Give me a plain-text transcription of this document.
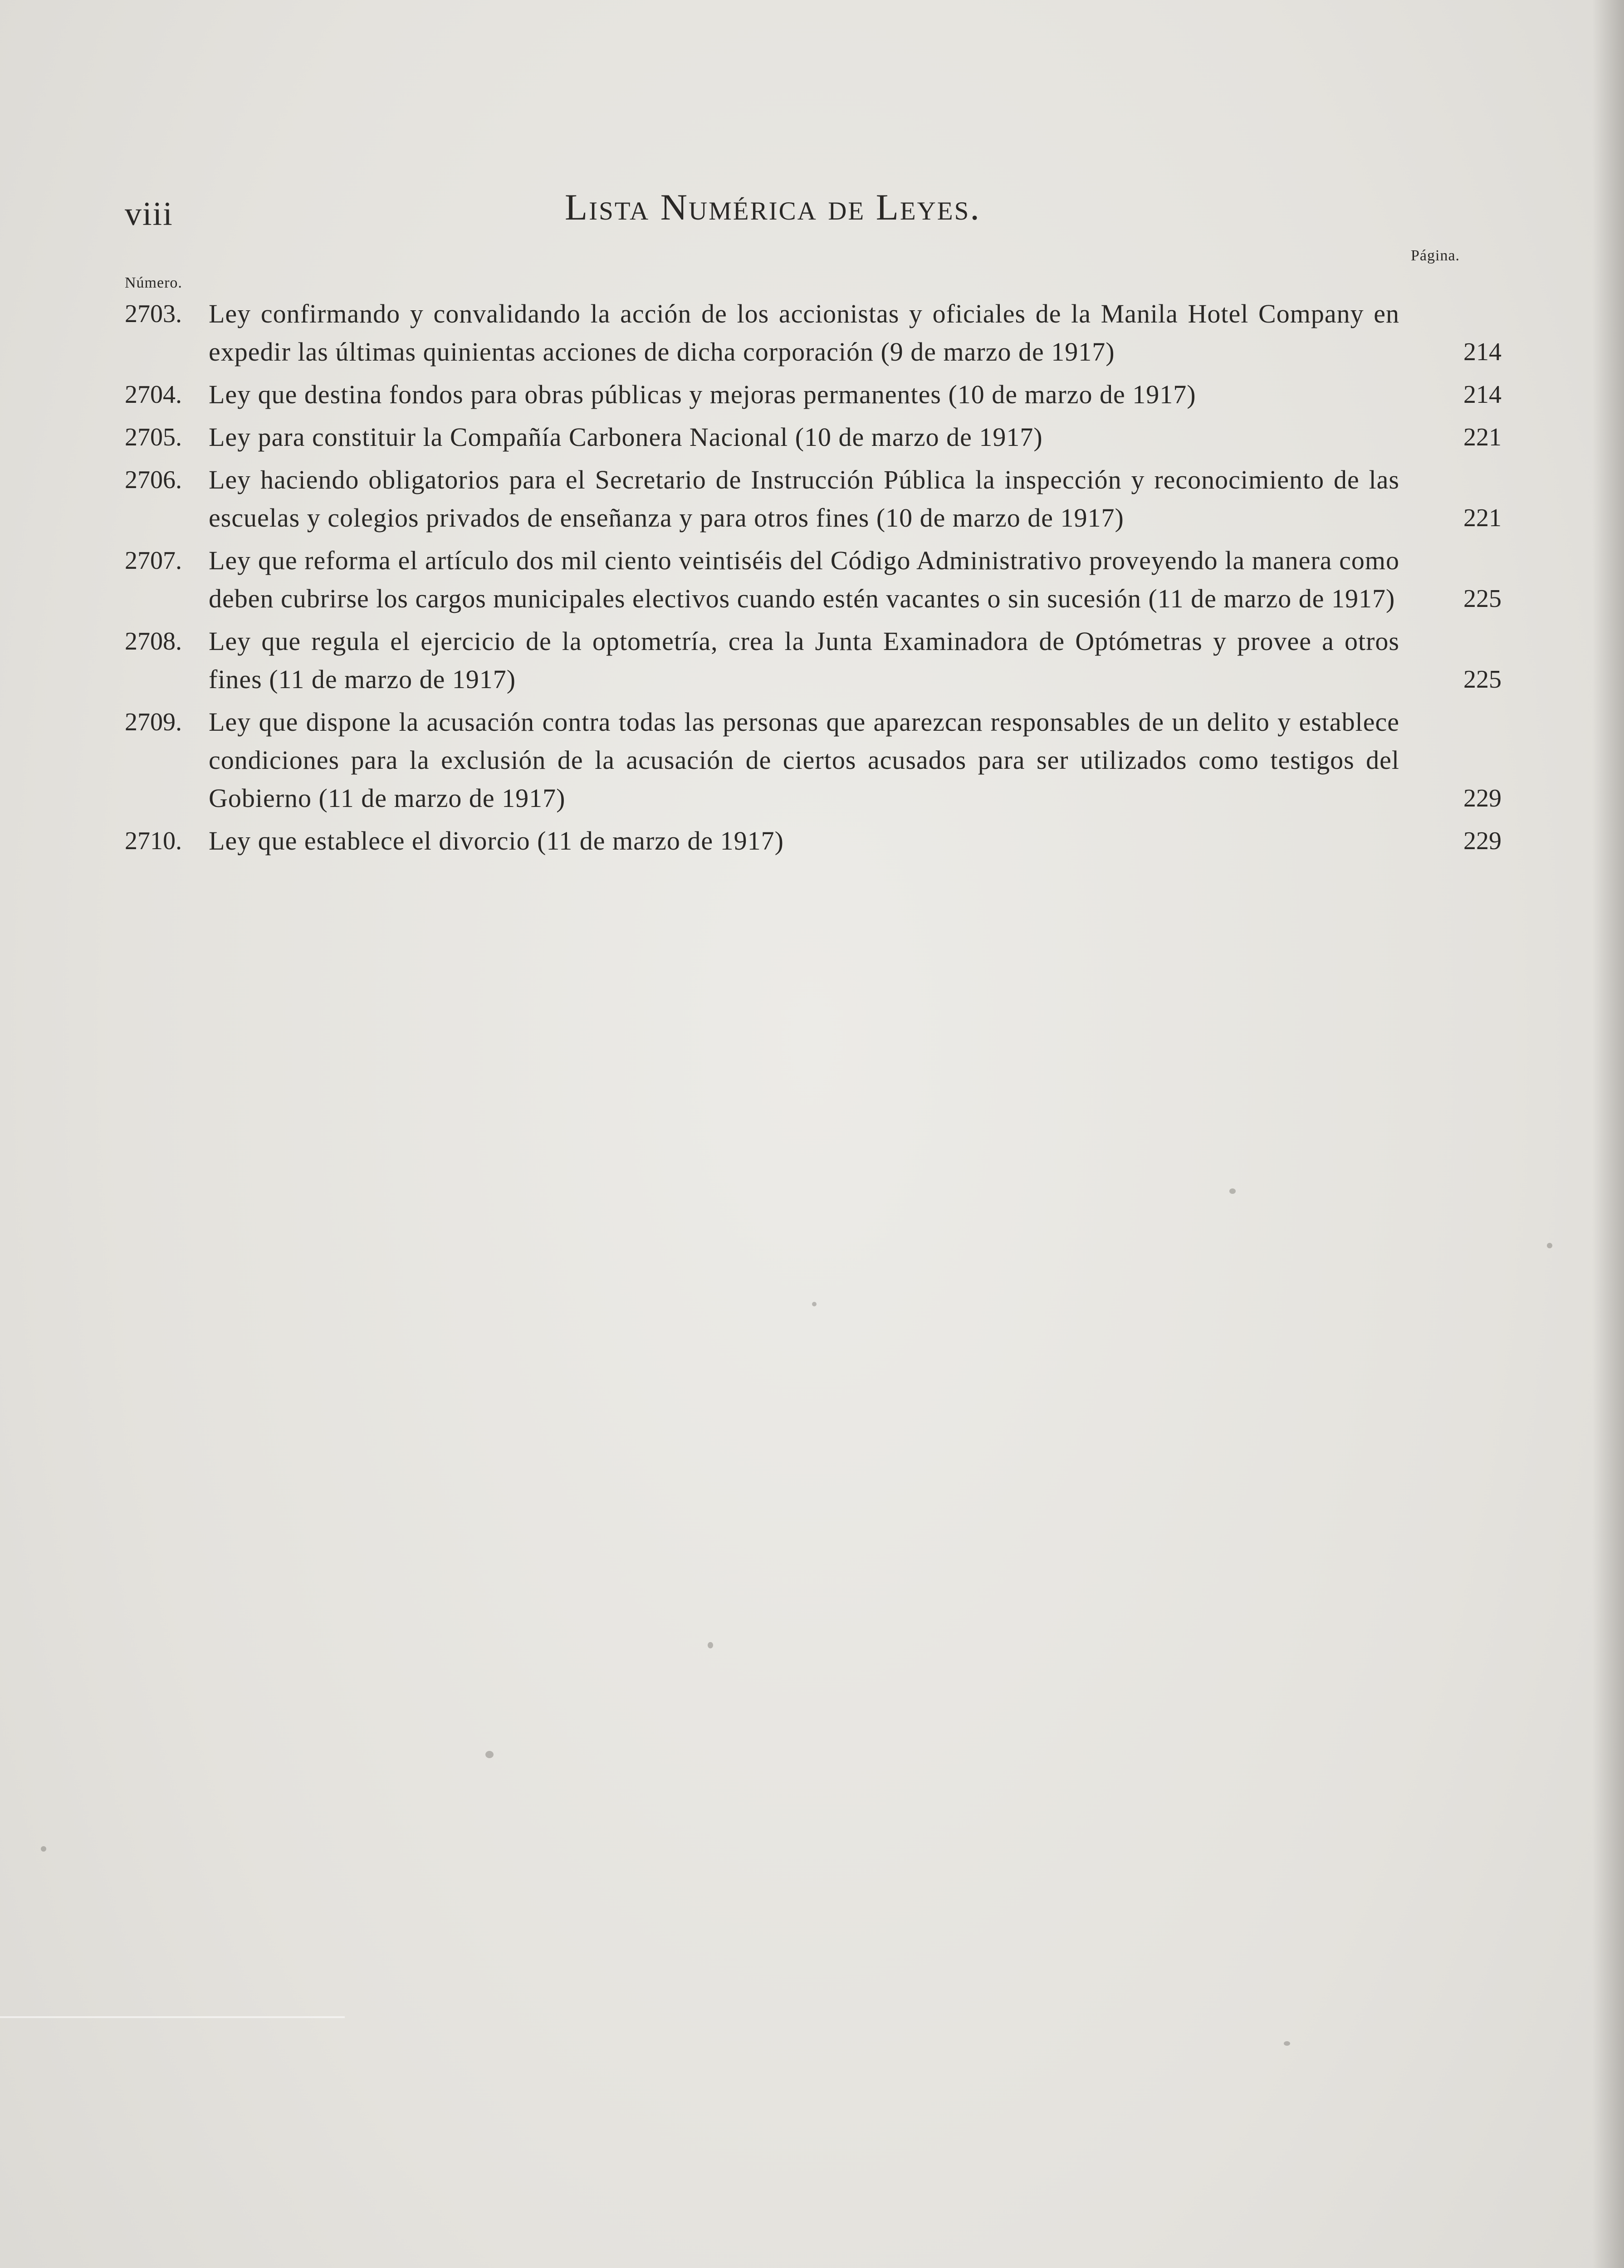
viii	Lista Numérica de Leyes.
Página.
Número.
2703.	Ley confirmando y convalidando la acción de los accionistas y oficiales de la Manila Hotel Company en expedir las últimas quinientas acciones de dicha corporación (9 de marzo de 1917)	214
2704.	Ley que destina fondos para obras públicas y mejoras permanentes (10 de marzo de 1917)	214
2705.	Ley para constituir la Compañía Carbonera Nacional (10 de marzo de 1917)	221
2706.	Ley haciendo obligatorios para el Secretario de Instrucción Pública la inspección y reconocimiento de las escuelas y colegios privados de enseñanza y para otros fines (10 de marzo de 1917)	221
2707.	Ley que reforma el artículo dos mil ciento veintiséis del Código Administrativo proveyendo la manera como deben cubrirse los cargos municipales electivos cuando estén vacantes o sin sucesión (11 de marzo de 1917)	225
2708.	Ley que regula el ejercicio de la optometría, crea la Junta Examinadora de Optómetras y provee a otros fines (11 de marzo de 1917)	225
2709.	Ley que dispone la acusación contra todas las personas que aparezcan responsables de un delito y establece condiciones para la exclusión de la acusación de ciertos acusados para ser utilizados como testigos del Gobierno (11 de marzo de 1917)	229
2710.	Ley que establece el divorcio (11 de marzo de 1917)	229
